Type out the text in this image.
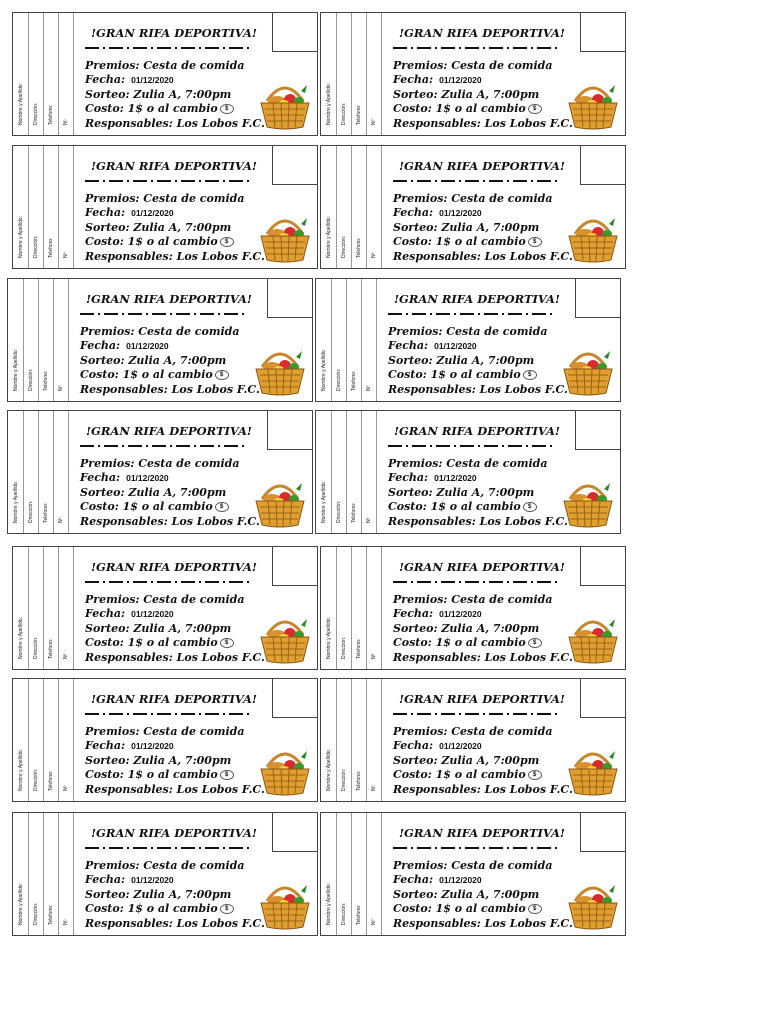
Nombre y Apellido: Dirección: Telefono: Nº
!GRAN RIFA DEPORTIVA!
Premios: Cesta de comida
Fecha: 01/12/2020
Sorteo: Zulia A, 7:00pm
Costo: 1$ o al cambio $
Responsables: Los Lobos F.C.	Nombre y Apellido: Dirección: Telefono: Nº
!GRAN RIFA DEPORTIVA!
Premios: Cesta de comida
Fecha: 01/12/2020
Sorteo: Zulia A, 7:00pm
Costo: 1$ o al cambio $
Responsables: Los Lobos F.C.
Nombre y Apellido: Dirección: Telefono: Nº
!GRAN RIFA DEPORTIVA!
Premios: Cesta de comida
Fecha: 01/12/2020
Sorteo: Zulia A, 7:00pm
Costo: 1$ o al cambio $
Responsables: Los Lobos F.C.	Nombre y Apellido: Dirección: Telefono: Nº
!GRAN RIFA DEPORTIVA!
Premios: Cesta de comida
Fecha: 01/12/2020
Sorteo: Zulia A, 7:00pm
Costo: 1$ o al cambio $
Responsables: Los Lobos F.C.
Nombre y Apellido: Dirección: Telefono: Nº
!GRAN RIFA DEPORTIVA!
Premios: Cesta de comida
Fecha: 01/12/2020
Sorteo: Zulia A, 7:00pm
Costo: 1$ o al cambio $
Responsables: Los Lobos F.C.	Nombre y Apellido: Dirección: Telefono: Nº
!GRAN RIFA DEPORTIVA!
Premios: Cesta de comida
Fecha: 01/12/2020
Sorteo: Zulia A, 7:00pm
Costo: 1$ o al cambio $
Responsables: Los Lobos F.C.
Nombre y Apellido: Dirección: Telefono: Nº
!GRAN RIFA DEPORTIVA!
Premios: Cesta de comida
Fecha: 01/12/2020
Sorteo: Zulia A, 7:00pm
Costo: 1$ o al cambio $
Responsables: Los Lobos F.C.	Nombre y Apellido: Dirección: Telefono: Nº
!GRAN RIFA DEPORTIVA!
Premios: Cesta de comida
Fecha: 01/12/2020
Sorteo: Zulia A, 7:00pm
Costo: 1$ o al cambio $
Responsables: Los Lobos F.C.
Nombre y Apellido: Dirección: Telefono: Nº
!GRAN RIFA DEPORTIVA!
Premios: Cesta de comida
Fecha: 01/12/2020
Sorteo: Zulia A, 7:00pm
Costo: 1$ o al cambio $
Responsables: Los Lobos F.C.	Nombre y Apellido: Dirección: Telefono: Nº
!GRAN RIFA DEPORTIVA!
Premios: Cesta de comida
Fecha: 01/12/2020
Sorteo: Zulia A, 7:00pm
Costo: 1$ o al cambio $
Responsables: Los Lobos F.C.
Nombre y Apellido: Dirección: Telefono: Nº
!GRAN RIFA DEPORTIVA!
Premios: Cesta de comida
Fecha: 01/12/2020
Sorteo: Zulia A, 7:00pm
Costo: 1$ o al cambio $
Responsables: Los Lobos F.C.	Nombre y Apellido: Dirección: Telefono: Nº
!GRAN RIFA DEPORTIVA!
Premios: Cesta de comida
Fecha: 01/12/2020
Sorteo: Zulia A, 7:00pm
Costo: 1$ o al cambio $
Responsables: Los Lobos F.C.
Nombre y Apellido: Dirección: Telefono: Nº
!GRAN RIFA DEPORTIVA!
Premios: Cesta de comida
Fecha: 01/12/2020
Sorteo: Zulia A, 7:00pm
Costo: 1$ o al cambio $
Responsables: Los Lobos F.C.	Nombre y Apellido: Dirección: Telefono: Nº
!GRAN RIFA DEPORTIVA!
Premios: Cesta de comida
Fecha: 01/12/2020
Sorteo: Zulia A, 7:00pm
Costo: 1$ o al cambio $
Responsables: Los Lobos F.C.
